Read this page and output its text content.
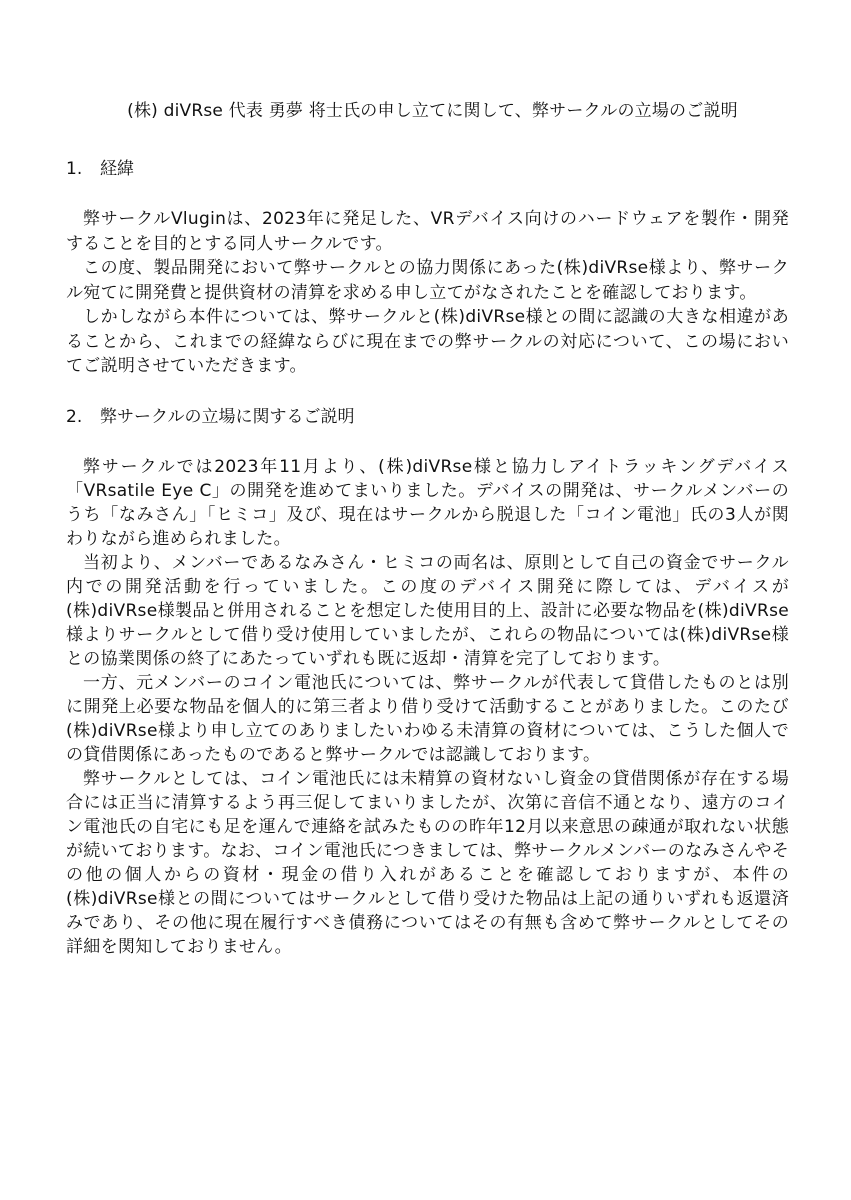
(株) diVRse 代表 勇夢 将士氏の申し立てに関して、弊サークルの立場のご説明
1. 経緯

弊サークルVluginは、2023年に発足した、VRデバイス向けのハードウェアを製作・開発することを目的とする同人サークルです。

この度、製品開発において弊サークルとの協力関係にあった(株)diVRse様より、弊サークル宛てに開発費と提供資材の清算を求める申し立てがなされたことを確認しております。

しかしながら本件については、弊サークルと(株)diVRse様との間に認識の大きな相違があることから、これまでの経緯ならびに現在までの弊サークルの対応について、この場においてご説明させていただきます。

2. 弊サークルの立場に関するご説明

弊サークルでは2023年11月より、(株)diVRse様と協力しアイトラッキングデバイス「VRsatile Eye C」の開発を進めてまいりました。デバイスの開発は、サークルメンバーのうち「なみさん」「ヒミコ」及び、現在はサークルから脱退した「コイン電池」氏の3人が関わりながら進められました。

当初より、メンバーであるなみさん・ヒミコの両名は、原則として自己の資金でサークル内での開発活動を行っていました。この度のデバイス開発に際しては、デバイスが(株)diVRse様製品と併用されることを想定した使用目的上、設計に必要な物品を(株)diVRse様よりサークルとして借り受け使用していましたが、これらの物品については(株)diVRse様との協業関係の終了にあたっていずれも既に返却・清算を完了しております。

一方、元メンバーのコイン電池氏については、弊サークルが代表して貸借したものとは別に開発上必要な物品を個人的に第三者より借り受けて活動することがありました。このたび(株)diVRse様より申し立てのありましたいわゆる未清算の資材については、こうした個人での貸借関係にあったものであると弊サークルでは認識しております。

弊サークルとしては、コイン電池氏には未精算の資材ないし資金の貸借関係が存在する場合には正当に清算するよう再三促してまいりましたが、次第に音信不通となり、遠方のコイン電池氏の自宅にも足を運んで連絡を試みたものの昨年12月以来意思の疎通が取れない状態が続いております。なお、コイン電池氏につきましては、弊サークルメンバーのなみさんやその他の個人からの資材・現金の借り入れがあることを確認しておりますが、本件の(株)diVRse様との間についてはサークルとして借り受けた物品は上記の通りいずれも返還済みであり、その他に現在履行すべき債務についてはその有無も含めて弊サークルとしてその詳細を関知しておりません。
